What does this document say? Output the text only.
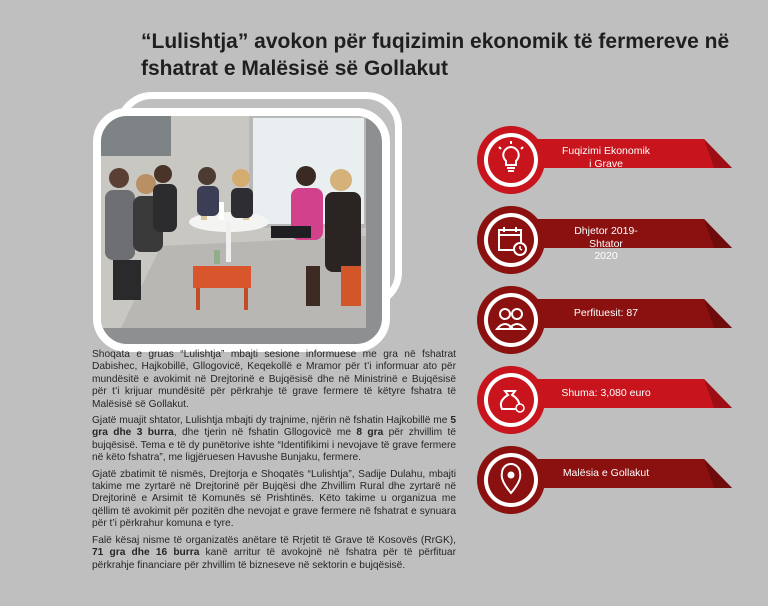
“Lulishtja” avokon për fuqizimin ekonomik të fermereve në fshatrat e Malësisë së Gollakut

Shoqata e gruas “Lulishtja” mbajti sesione informuese me gra në fshatrat Dabishec, Hajkobillë, Gllogovicë, Keqekollë e Mramor për t’i informuar ato për mundësitë e avokimit në Drejtorinë e Bujqësisë dhe në Ministrinë e Bujqësisë për t’i krijuar mundësitë për përkrahje të grave fermere të këtyre fshatra të Malësisë së Gollakut.

Gjatë muajit shtator, Lulishtja mbajti dy trajnime, njërin në fshatin Hajkobillë me 5 gra dhe 3 burra, dhe tjerin në fshatin Gllogovicë me 8 gra për zhvillim të bujqësisë. Tema e të dy punëtorive ishte “Identifikimi i nevojave të grave fermere në këto fshatra”, me ligjëruesen Havushe Bunjaku, fermere.

Gjatë zbatimit të nismës, Drejtorja e Shoqatës “Lulishtja”, Sadije Dulahu, mbajti takime me zyrtarë në Drejtorinë për Bujqësi dhe Zhvillim Rural dhe zyrtarë në Drejtorinë e Arsimit të Komunës së Prishtinës. Këto takime u organizua me qëllim të avokimit për pozitën dhe nevojat e grave fermere në fshatrat e synuara për t’i përkrahur komuna e tyre.

Falë kësaj nisme të organizatës anëtare të Rrjetit të Grave të Kosovës (RrGK), 71 gra dhe 16 burra kanë arritur të avokojnë në fshatra për të përfituar përkrahje financiare për zhvillim të bizneseve në sektorin e bujqësisë.

Fuqizimi Ekonomik
i Grave
Dhjetor 2019-Shtator
2020
Perfituesit: 87
Shuma: 3,080 euro
Malësia e Gollakut
